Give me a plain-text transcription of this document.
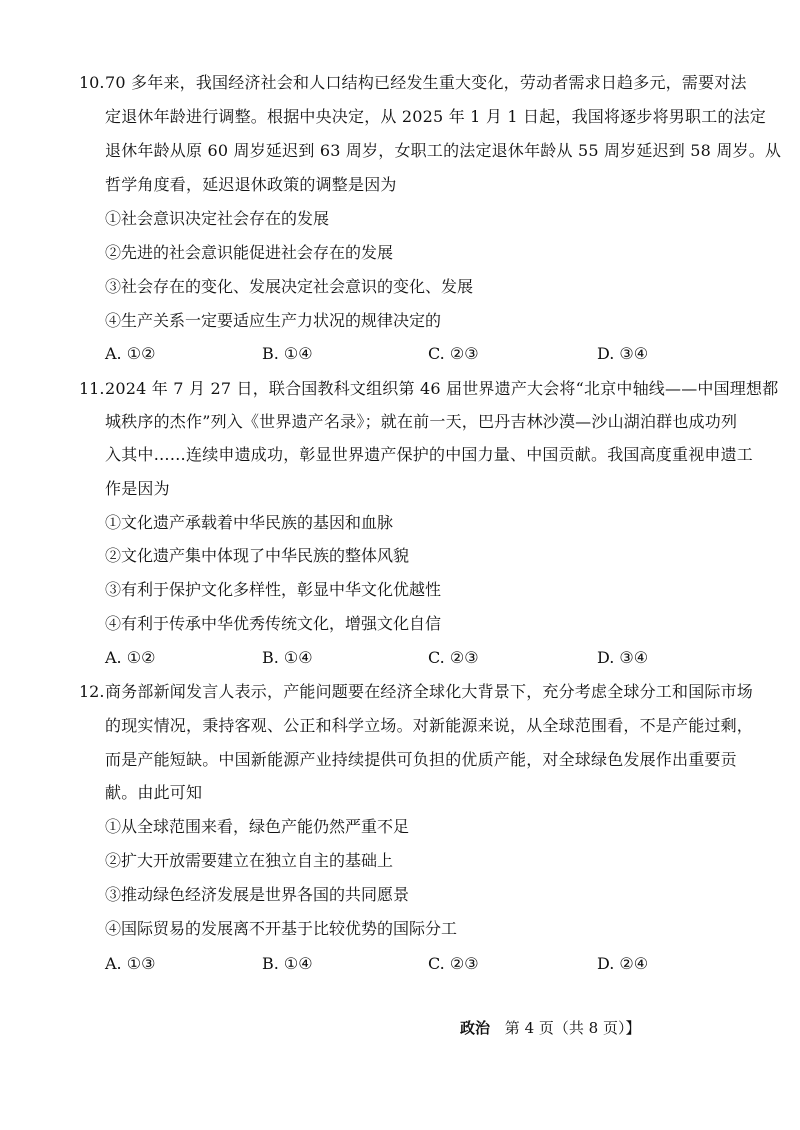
10. 70 多年来，我国经济社会和人口结构已经发生重大变化，劳动者需求日趋多元，需要对法
定退休年龄进行调整。根据中央决定，从 2025 年 1 月 1 日起，我国将逐步将男职工的法定
退休年龄从原 60 周岁延迟到 63 周岁，女职工的法定退休年龄从 55 周岁延迟到 58 周岁。从
哲学角度看，延迟退休政策的调整是因为
①社会意识决定社会存在的发展
②先进的社会意识能促进社会存在的发展
③社会存在的变化、发展决定社会意识的变化、发展
④生产关系一定要适应生产力状况的规律决定的
A. ①②	B. ①④	C. ②③	D. ③④
11. 2024 年 7 月 27 日，联合国教科文组织第 46 届世界遗产大会将“北京中轴线——中国理想都
城秩序的杰作”列入《世界遗产名录》；就在前一天，巴丹吉林沙漠—沙山湖泊群也成功列
入其中……连续申遗成功，彰显世界遗产保护的中国力量、中国贡献。我国高度重视申遗工
作是因为
①文化遗产承载着中华民族的基因和血脉
②文化遗产集中体现了中华民族的整体风貌
③有利于保护文化多样性，彰显中华文化优越性
④有利于传承中华优秀传统文化，增强文化自信
A. ①②	B. ①④	C. ②③	D. ③④
12. 商务部新闻发言人表示，产能问题要在经济全球化大背景下，充分考虑全球分工和国际市场
的现实情况，秉持客观、公正和科学立场。对新能源来说，从全球范围看，不是产能过剩，
而是产能短缺。中国新能源产业持续提供可负担的优质产能，对全球绿色发展作出重要贡
献。由此可知
①从全球范围来看，绿色产能仍然严重不足
②扩大开放需要建立在独立自主的基础上
③推动绿色经济发展是世界各国的共同愿景
④国际贸易的发展离不开基于比较优势的国际分工
A. ①③	B. ①④	C. ②③	D. ②④
政治 第 4 页（共 8 页）】
